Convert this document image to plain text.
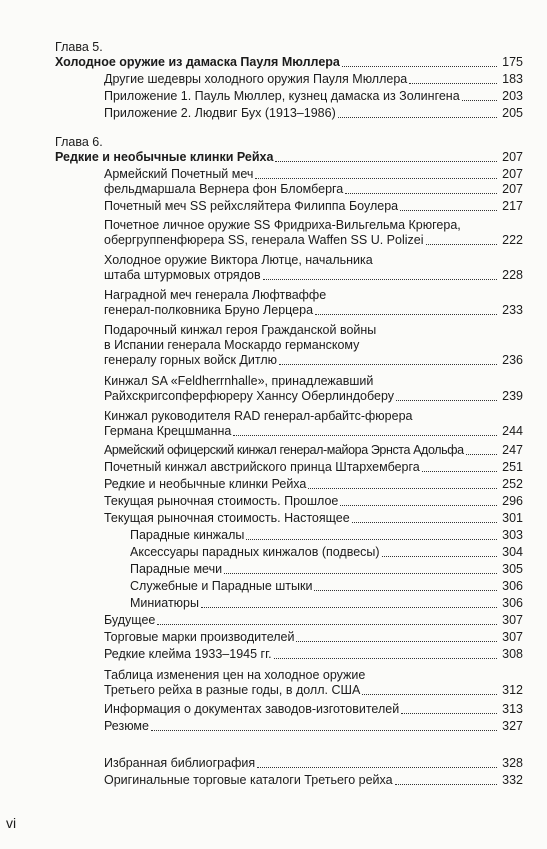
Глава 5.
Холодное оружие из дамаска Пауля Мюллера	175
Другие шедевры холодного оружия Пауля Мюллера	183
Приложение 1. Пауль Мюллер, кузнец дамаска из Золингена	203
Приложение 2. Людвиг Бух (1913–1986)	205
Глава 6.
Редкие и необычные клинки Рейха	207
Армейский Почетный меч	207
фельдмаршала Вернера фон Бломберга	207
Почетный меч SS рейхсляйтера Филиппа Боулера	217
Почетное личное оружие SS Фридриха-Вильгельма Крюгера,
обергруппенфюрера SS, генерала Waffen SS U. Polizei	222
Холодное оружие Виктора Лютце, начальника
штаба штурмовых отрядов	228
Наградной меч генерала Люфтваффе
генерал-полковника Бруно Лерцера	233
Подарочный кинжал героя Гражданской войны
в Испании генерала Москардо германскому
генералу горных войск Дитлю	236
Кинжал SA «Feldherrnhalle», принадлежавший
Райхскригсопферфюреру Ханнсу Оберлиндоберу	239
Кинжал руководителя RAD генерал-арбайтс-фюрера
Германа Крецшманна	244
Армейский офицерский кинжал генерал-майора Эрнста Адольфа	247
Почетный кинжал австрийского принца Штархемберга	251
Редкие и необычные клинки Рейха	252
Текущая рыночная стоимость. Прошлое	296
Текущая рыночная стоимость. Настоящее	301
Парадные кинжалы	303
Аксессуары парадных кинжалов (подвесы)	304
Парадные мечи	305
Служебные и Парадные штыки	306
Миниатюры	306
Будущее	307
Торговые марки производителей	307
Редкие клейма 1933–1945 гг.	308
Таблица изменения цен на холодное оружие
Третьего рейха в разные годы, в долл. США	312
Информация о документах заводов-изготовителей	313
Резюме	327
Избранная библиография	328
Оригинальные торговые каталоги Третьего рейха	332
vi
